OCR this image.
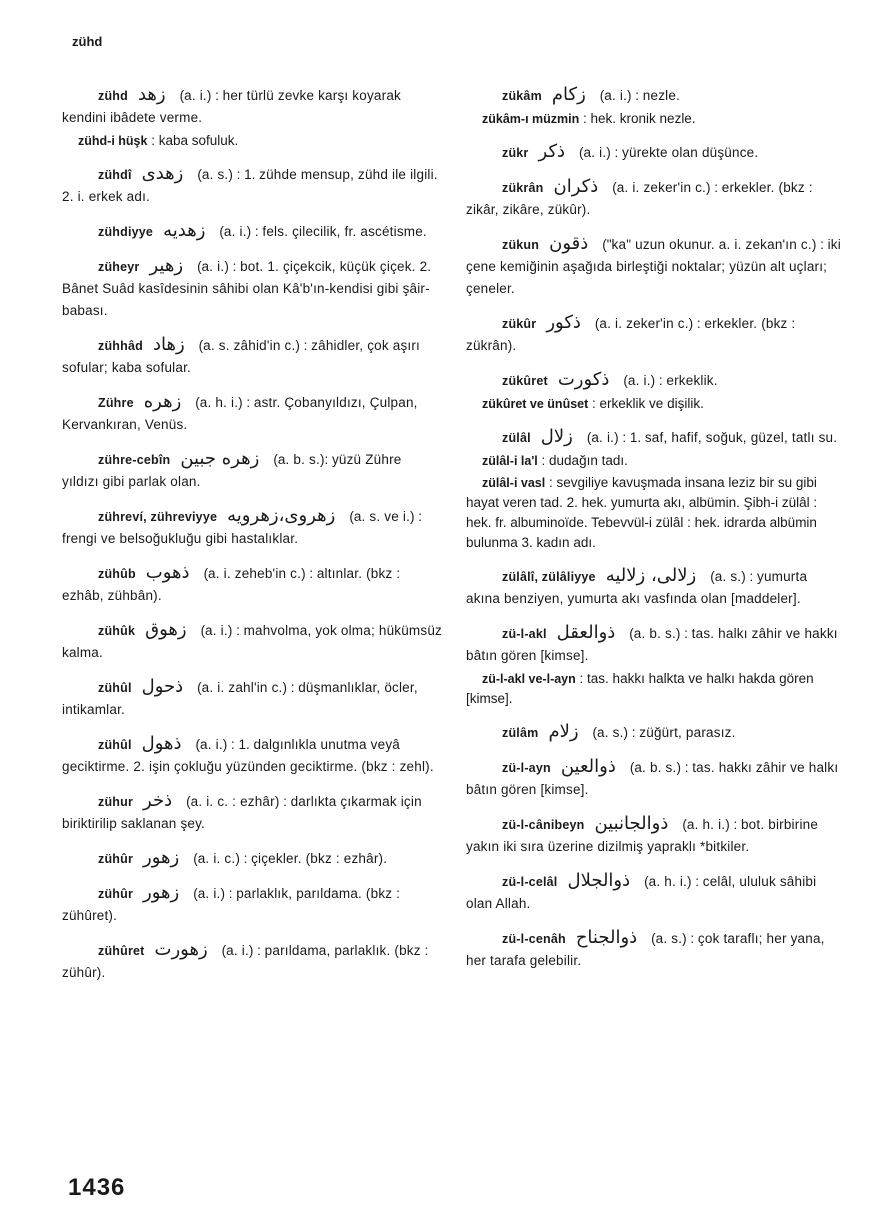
zühd
zühd زهد (a. i.) : her türlü zevke karşı koyarak kendini ibâdete verme.
zühd-i hüşk : kaba sofuluk.
zühdî زهدى (a. s.) : 1. zühde mensup, zühd ile ilgili. 2. i. erkek adı.
zühdiyye زهديه (a. i.) : fels. çilecilik, fr. ascétisme.
züheyr زهير (a. i.) : bot. 1. çiçekcik, küçük çiçek. 2. Bânet Suâd kasîdesinin sâhibi olan Kâ'b'ın-kendisi gibi şâir-babası.
zühhâd زهاد (a. s. zâhid'in c.) : zâhidler, çok aşırı sofular; kaba sofular.
Zühre زهره (a. h. i.) : astr. Çobanyıldızı, Çulpan, Kervankıran, Venüs.
zühre-cebîn زهره جبين (a. b. s.): yüzü Zühre yıldızı gibi parlak olan.
zühreví, zühreviyye زهروى،زهرويه (a. s. ve i.) : frengi ve belsoğukluğu gibi hastalıklar.
zühûb ذهوب (a. i. zeheb'in c.) : altınlar. (bkz : ezhâb, zühbân).
zühûk زهوق (a. i.) : mahvolma, yok olma; hükümsüz kalma.
zühûl ذحول (a. i. zahl'in c.) : düşmanlıklar, öcler, intikamlar.
zühûl ذهول (a. i.) : 1. dalgınlıkla unutma veyâ geciktirme. 2. işin çokluğu yüzünden geciktirme. (bkz : zehl).
zühur ذخر (a. i. c. : ezhâr) : darlıkta çıkarmak için biriktirilip saklanan şey.
zühûr زهور (a. i. c.) : çiçekler. (bkz : ezhâr).
zühûr زهور (a. i.) : parlaklık, parıldama. (bkz : zühûret).
zühûret زهورت (a. i.) : parıldama, parlaklık. (bkz : zühûr).
zükâm زكام (a. i.) : nezle.
zükâm-ı müzmin : hek. kronik nezle.
zükr ذكر (a. i.) : yürekte olan düşünce.
zükrân ذكران (a. i. zeker'in c.) : erkekler. (bkz : zikâr, zikâre, zükûr).
zükun ذقون ("ka" uzun okunur. a. i. zekan'ın c.) : iki çene kemiğinin aşağıda birleştiği noktalar; yüzün alt uçları; çeneler.
zükûr ذكور (a. i. zeker'in c.) : erkekler. (bkz : zükrân).
zükûret ذكورت (a. i.) : erkeklik.
zükûret ve ünûset : erkeklik ve dişilik.
zülâl زلال (a. i.) : 1. saf, hafif, soğuk, güzel, tatlı su.
zülâl-i la'l : dudağın tadı.
zülâl-i vasl : sevgiliye kavuşmada insana leziz bir su gibi hayat veren tad. 2. hek. yumurta akı, albümin. Şibh-i zülâl : hek. fr. albuminoïde. Tebevvül-i zülâl : hek. idrarda albümin bulunma 3. kadın adı.
zülâlî, zülâliyye زلالى، زلاليه (a. s.) : yumurta akına benziyen, yumurta akı vasfında olan [maddeler].
zü-l-akl ذوالعقل (a. b. s.) : tas. halkı zâhir ve hakkı bâtın gören [kimse].
zü-l-akl ve-l-ayn : tas. hakkı halkta ve halkı hakda gören [kimse].
zülâm زلام (a. s.) : züğürt, parasız.
zü-l-ayn ذوالعين (a. b. s.) : tas. hakkı zâhir ve halkı bâtın gören [kimse].
zü-l-cânibeyn ذوالجانبين (a. h. i.) : bot. birbirine yakın iki sıra üzerine dizilmiş yapraklı *bitkiler.
zü-l-celâl ذوالجلال (a. h. i.) : celâl, ululuk sâhibi olan Allah.
zü-l-cenâh ذوالجناح (a. s.) : çok taraflı; her yana, her tarafa gelebilir.
1436
